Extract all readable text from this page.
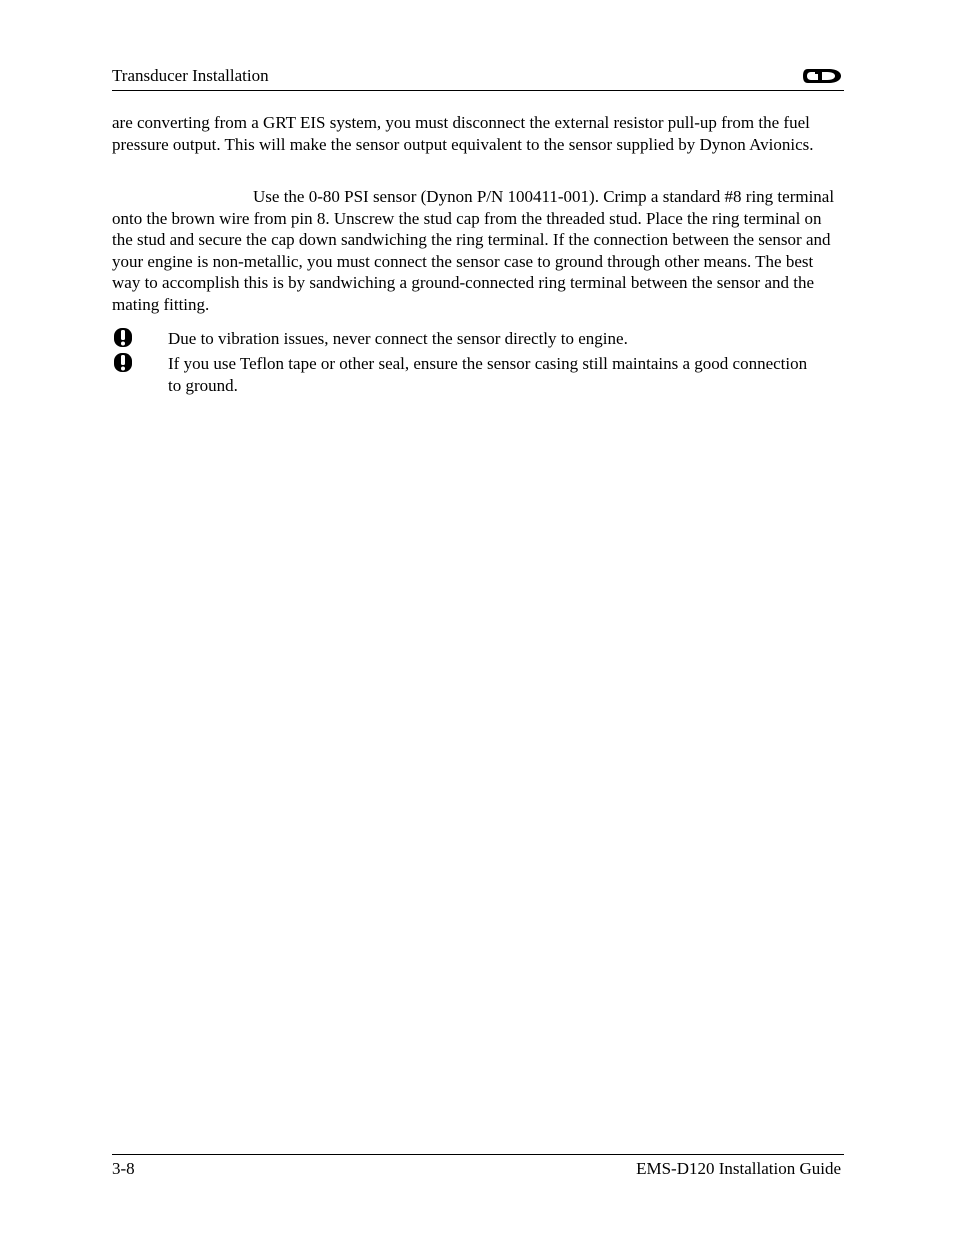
Transducer Installation
are converting from a GRT EIS system, you must disconnect the external resistor pull-up from the fuel pressure output. This will make the sensor output equivalent to the sensor supplied by Dynon Avionics.
Use the 0-80 PSI sensor (Dynon P/N 100411-001). Crimp a standard #8 ring terminal onto the brown wire from pin 8. Unscrew the stud cap from the threaded stud. Place the ring terminal on the stud and secure the cap down sandwiching the ring terminal. If the connection between the sensor and your engine is non-metallic, you must connect the sensor case to ground through other means. The best way to accomplish this is by sandwiching a ground-connected ring terminal between the sensor and the mating fitting.
Due to vibration issues, never connect the sensor directly to engine.
If you use Teflon tape or other seal, ensure the sensor casing still maintains a good connection to ground.
3-8	EMS-D120 Installation Guide
